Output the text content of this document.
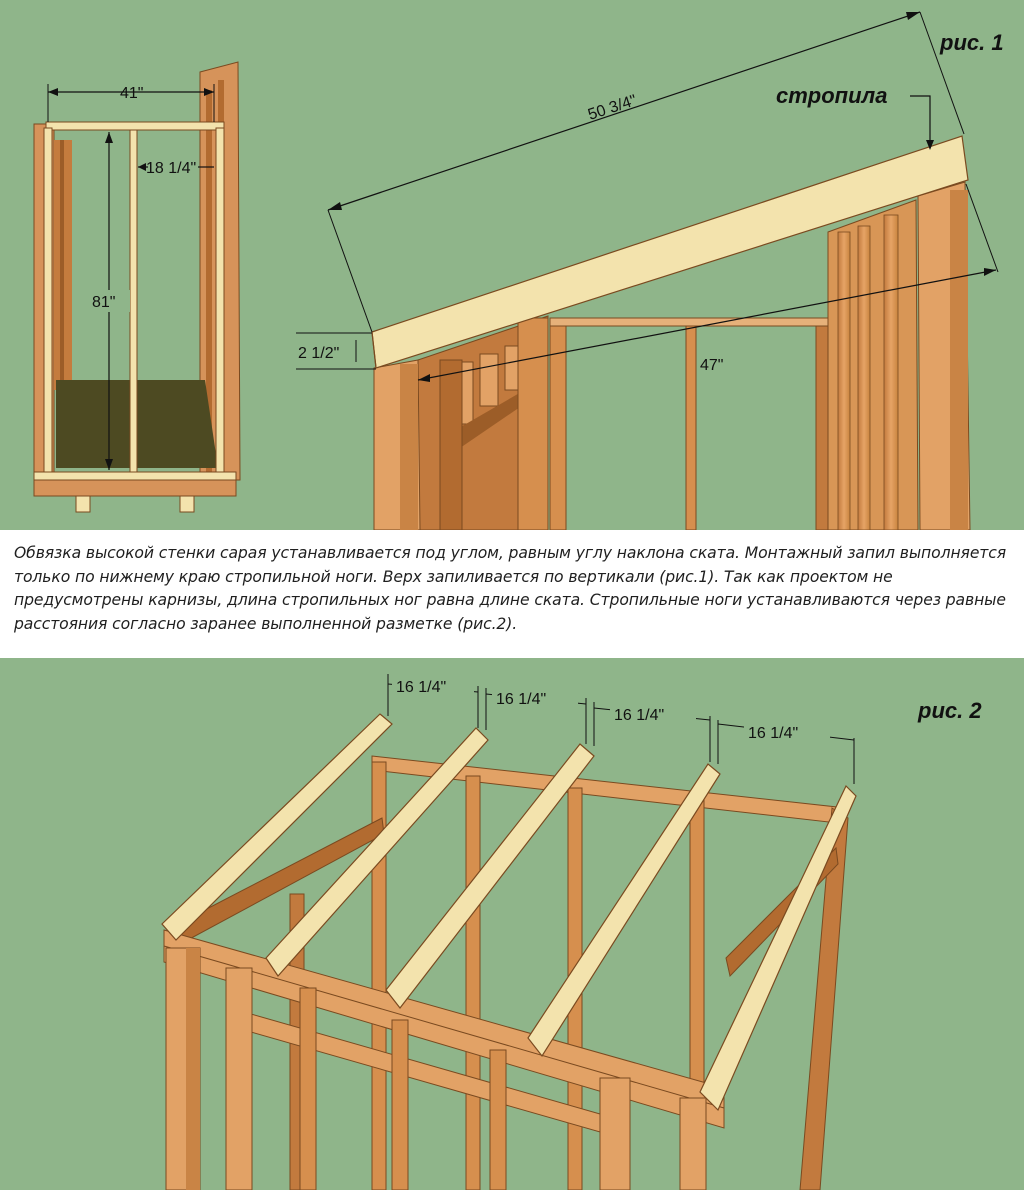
41"
18 1/4"
81"
50 3/4"
2 1/2"
47"
стропила
рис. 1

Обвязка высокой стенки сарая устанавливается под углом, равным углу наклона ската. Монтажный запил выполняется только по нижнему краю стропильной ноги. Верх запиливается по вертикали (рис.1). Так как проектом не предусмотрены карнизы, длина стропильных ног равна длине ската. Стропильные ноги устанавливаются через равные расстояния согласно заранее выполненной разметке (рис.2).

16 1/4"
16 1/4"
16 1/4"
16 1/4"
рис. 2
